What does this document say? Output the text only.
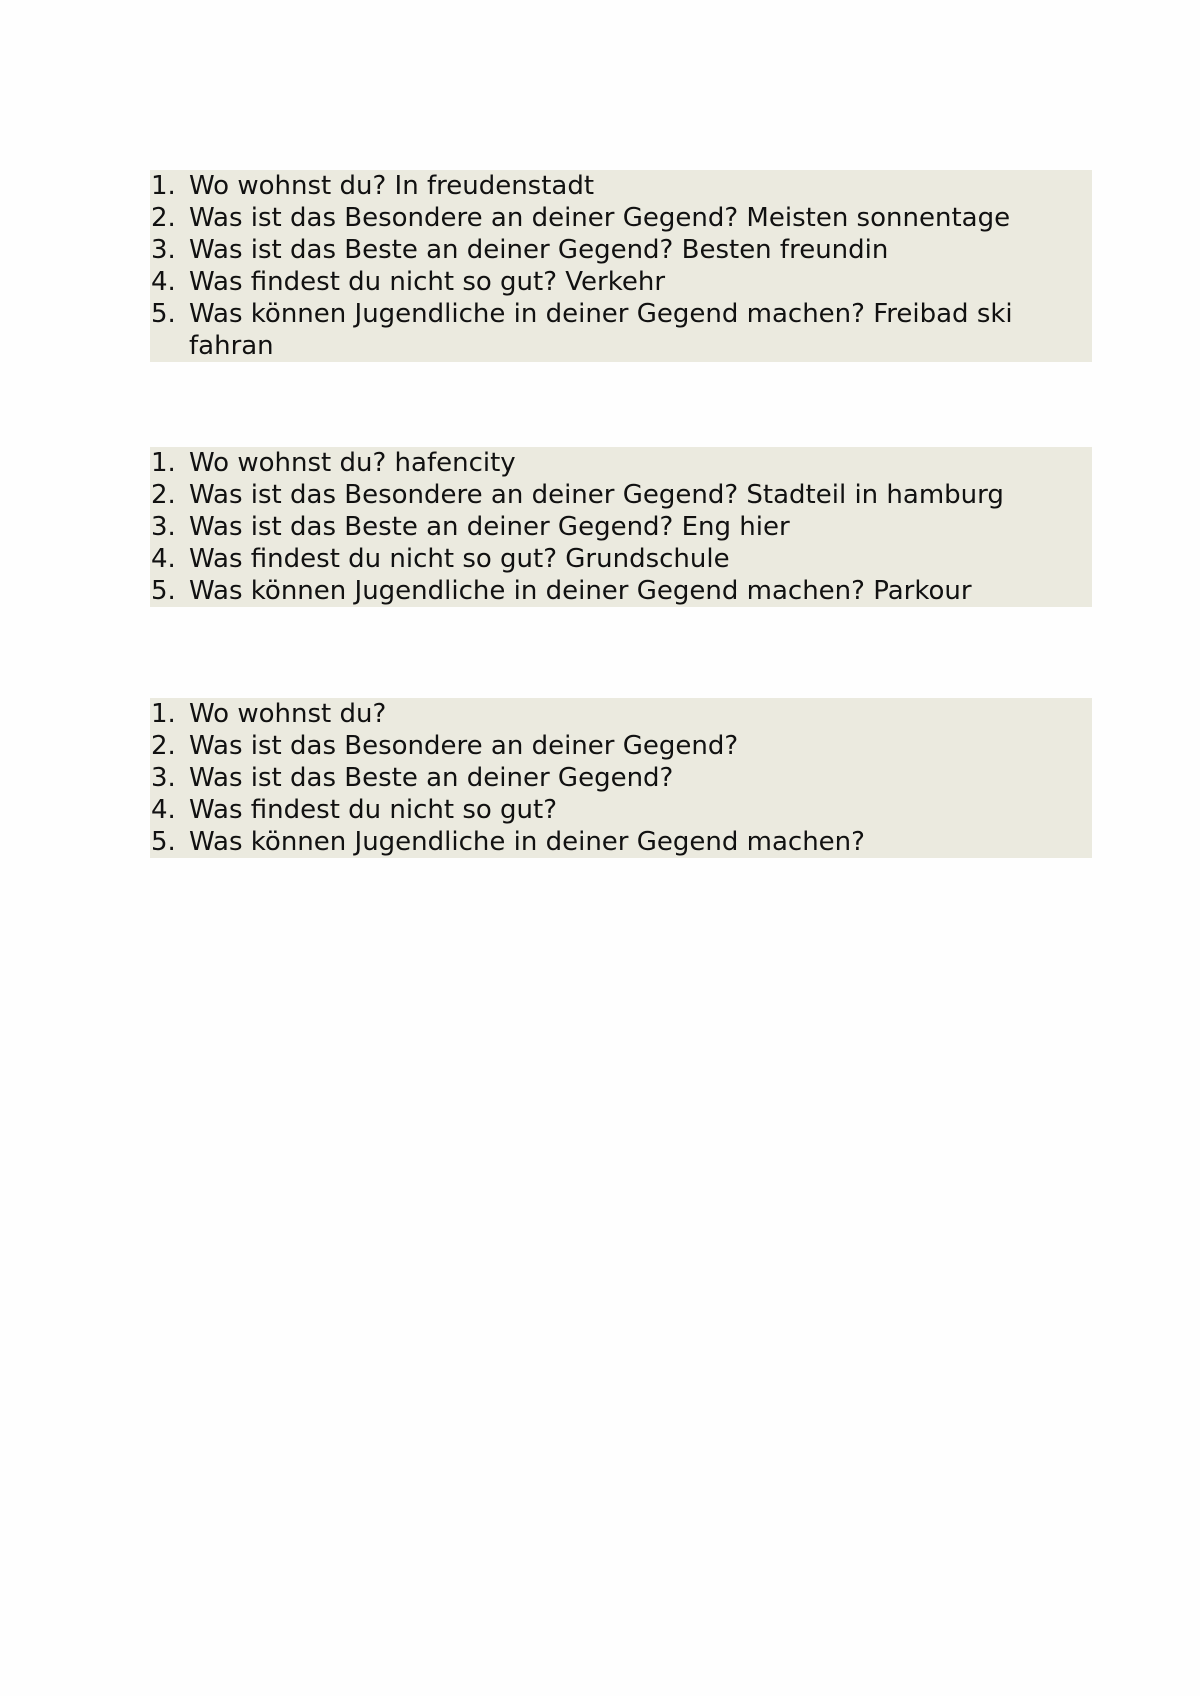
1. Wo wohnst du? In freudenstadt
2. Was ist das Besondere an deiner Gegend? Meisten sonnentage
3. Was ist das Beste an deiner Gegend? Besten freundin
4. Was findest du nicht so gut? Verkehr
5. Was können Jugendliche in deiner Gegend machen? Freibad ski fahran
1. Wo wohnst du? hafencity
2. Was ist das Besondere an deiner Gegend? Stadteil in hamburg
3. Was ist das Beste an deiner Gegend? Eng hier
4. Was findest du nicht so gut? Grundschule
5. Was können Jugendliche in deiner Gegend machen? Parkour
1. Wo wohnst du?
2. Was ist das Besondere an deiner Gegend?
3. Was ist das Beste an deiner Gegend?
4. Was findest du nicht so gut?
5. Was können Jugendliche in deiner Gegend machen?
